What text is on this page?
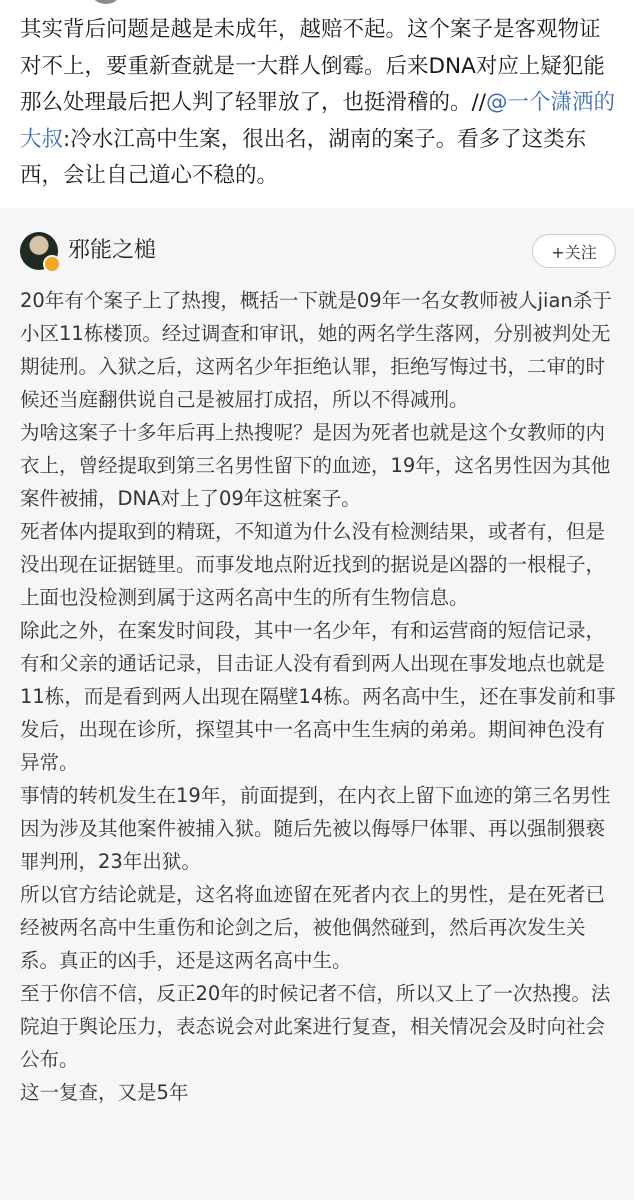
其实背后问题是越是未成年，越赔不起。这个案子是客观物证对不上，要重新查就是一大群人倒霉。后来DNA对应上疑犯能那么处理最后把人判了轻罪放了，也挺滑稽的。//@一个潇洒的大叔:冷水江高中生案，很出名，湖南的案子。看多了这类东西，会让自己道心不稳的。

邪能之槌	+关注

20年有个案子上了热搜，概括一下就是09年一名女教师被人jian杀于小区11栋楼顶。经过调查和审讯，她的两名学生落网，分别被判处无期徒刑。入狱之后，这两名少年拒绝认罪，拒绝写悔过书，二审的时候还当庭翻供说自己是被屈打成招，所以不得减刑。

为啥这案子十多年后再上热搜呢？是因为死者也就是这个女教师的内衣上，曾经提取到第三名男性留下的血迹，19年，这名男性因为其他案件被捕，DNA对上了09年这桩案子。

死者体内提取到的精斑，不知道为什么没有检测结果，或者有，但是没出现在证据链里。而事发地点附近找到的据说是凶器的一根棍子，上面也没检测到属于这两名高中生的所有生物信息。

除此之外，在案发时间段，其中一名少年，有和运营商的短信记录，有和父亲的通话记录，目击证人没有看到两人出现在事发地点也就是11栋，而是看到两人出现在隔壁14栋。两名高中生，还在事发前和事发后，出现在诊所，探望其中一名高中生生病的弟弟。期间神色没有异常。

事情的转机发生在19年，前面提到，在内衣上留下血迹的第三名男性因为涉及其他案件被捕入狱。随后先被以侮辱尸体罪、再以强制猥亵罪判刑，23年出狱。

所以官方结论就是，这名将血迹留在死者内衣上的男性，是在死者已经被两名高中生重伤和论剑之后，被他偶然碰到，然后再次发生关系。真正的凶手，还是这两名高中生。

至于你信不信，反正20年的时候记者不信，所以又上了一次热搜。法院迫于舆论压力，表态说会对此案进行复查，相关情况会及时向社会公布。

这一复查，又是5年
